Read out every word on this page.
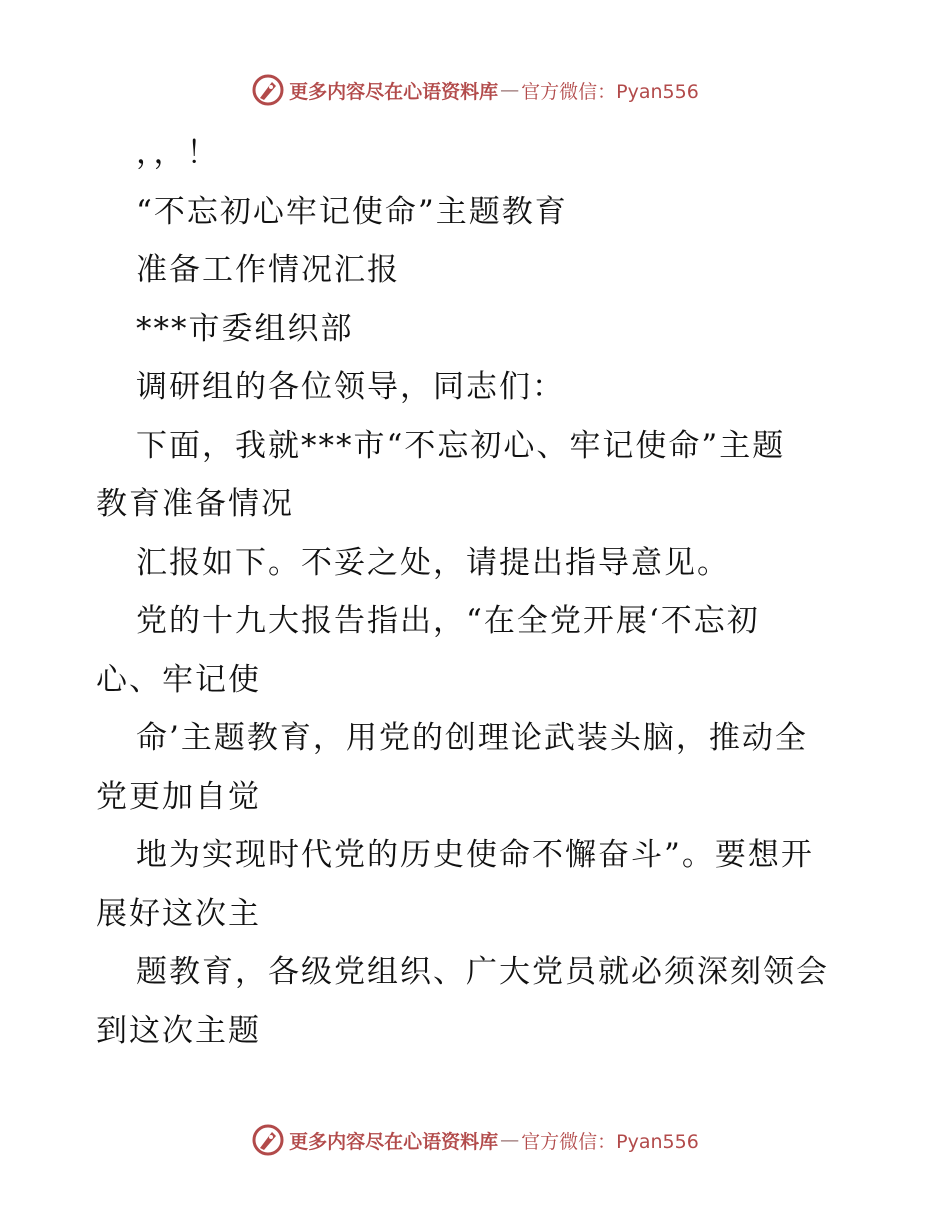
更多内容尽在心语资料库 — 官方微信：Pyan556
，，！
“不忘初心牢记使命”主题教育
准备工作情况汇报
***市委组织部
调研组的各位领导，同志们：
下面，我就***市“不忘初心、牢记使命”主题
教育准备情况
汇报如下。不妥之处，请提出指导意见。
党的十九大报告指出，“在全党开展‘不忘初
心、牢记使
命’主题教育，用党的创理论武装头脑，推动全
党更加自觉
地为实现时代党的历史使命不懈奋斗”。要想开
展好这次主
题教育，各级党组织、广大党员就必须深刻领会
到这次主题
更多内容尽在心语资料库 — 官方微信：Pyan556
